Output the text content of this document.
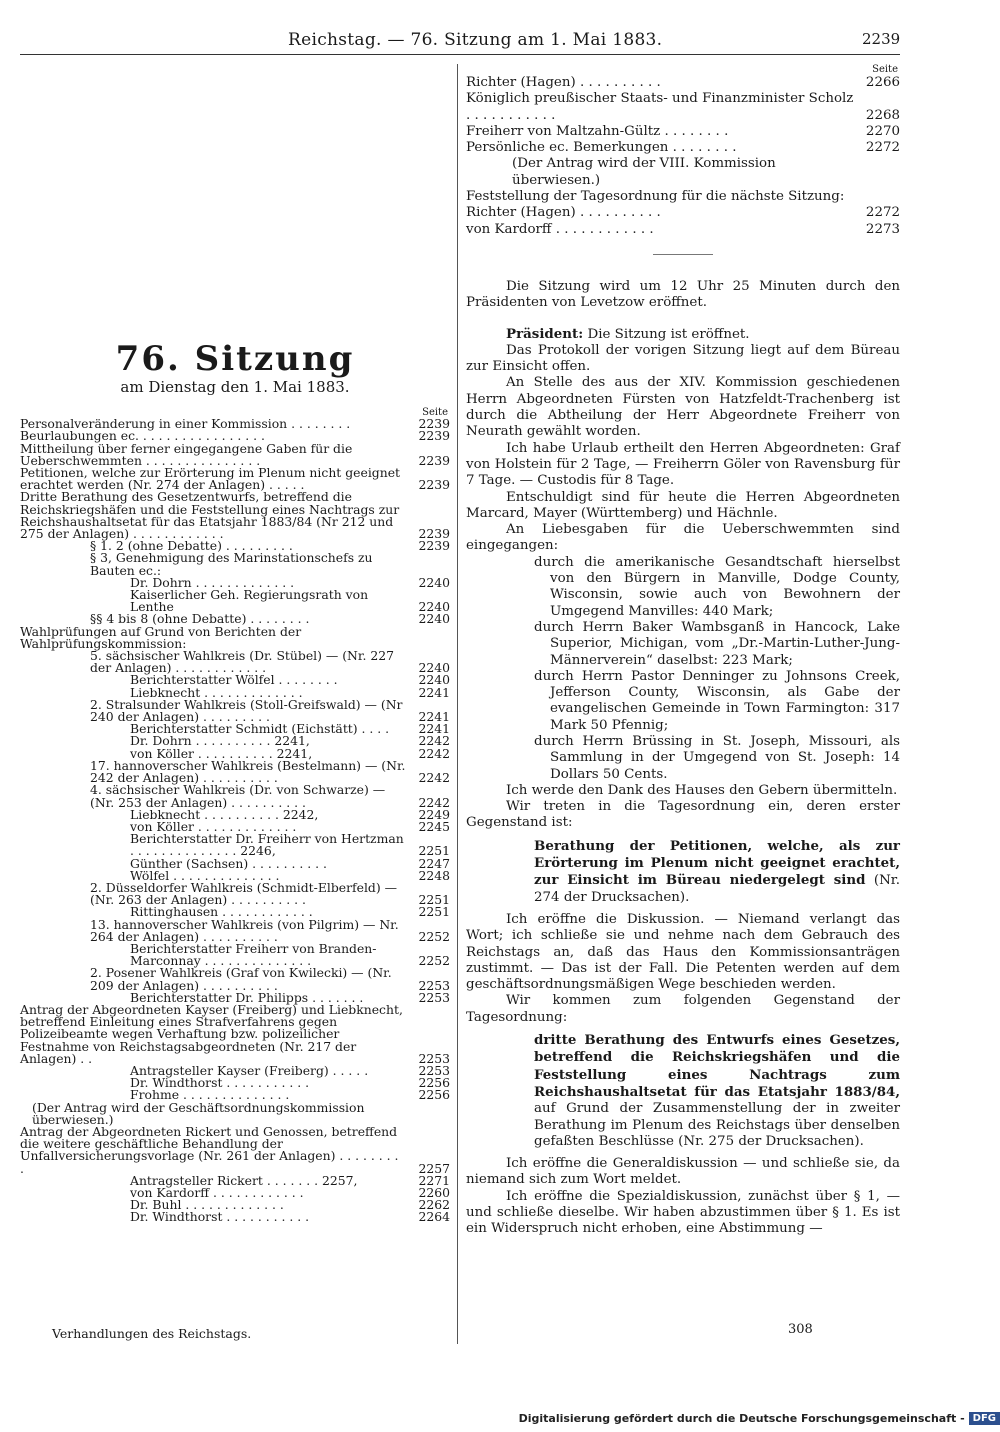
Reichstag. — 76. Sitzung am 1. Mai 1883.	2239
76. Sitzung
am Dienstag den 1. Mai 1883.
Seite
Personalveränderung in einer Kommission . . . . . . . .	2239
Beurlaubungen ec. . . . . . . . . . . . . . . . .	2239
Mittheilung über ferner eingegangene Gaben für die Ueberschwemmten . . . . . . . . . . . . . . .	2239
Petitionen, welche zur Erörterung im Plenum nicht geeignet erachtet werden (Nr. 274 der Anlagen) . . . . .	2239
Dritte Berathung des Gesetzentwurfs, betreffend die Reichskriegshäfen und die Feststellung eines Nachtrags zur Reichshaushaltsetat für das Etatsjahr 1883/84 (Nr 212 und 275 der Anlagen) . . . . . . . . . . . .	2239
§ 1. 2 (ohne Debatte) . . . . . . . . .	2239
§ 3, Genehmigung des Marinstationschefs zu Bauten ec.:
Dr. Dohrn . . . . . . . . . . . . .	2240
Kaiserlicher Geh. Regierungsrath von Lenthe	2240
§§ 4 bis 8 (ohne Debatte) . . . . . . . .	2240
Wahlprüfungen auf Grund von Berichten der Wahlprüfungskommission:
5. sächsischer Wahlkreis (Dr. Stübel) — (Nr. 227 der Anlagen) . . . . . . . . . . . .	2240
Berichterstatter Wölfel . . . . . . . .	2240
Liebknecht . . . . . . . . . . . . .	2241
2. Stralsunder Wahlkreis (Stoll-Greifswald) — (Nr 240 der Anlagen) . . . . . . . . .	2241
Berichterstatter Schmidt (Eichstätt) . . . .	2241
Dr. Dohrn . . . . . . . . . . 2241,	2242
von Köller . . . . . . . . . . 2241,	2242
17. hannoverscher Wahlkreis (Bestelmann) — (Nr. 242 der Anlagen) . . . . . . . . . .	2242
4. sächsischer Wahlkreis (Dr. von Schwarze) — (Nr. 253 der Anlagen) . . . . . . . . . .	2242
Liebknecht . . . . . . . . . . 2242,	2249
von Köller . . . . . . . . . . . . .	2245
Berichterstatter Dr. Freiherr von Hertzman . . . . . . . . . . . . . . 2246,	2251
Günther (Sachsen) . . . . . . . . . .	2247
Wölfel . . . . . . . . . . . . . .	2248
2. Düsseldorfer Wahlkreis (Schmidt-Elberfeld) — (Nr. 263 der Anlagen) . . . . . . . . . .	2251
Rittinghausen . . . . . . . . . . . .	2251
13. hannoverscher Wahlkreis (von Pilgrim) — Nr. 264 der Anlagen) . . . . . . . . . .	2252
Berichterstatter Freiherr von Branden-Marconnay . . . . . . . . . . . . . .	2252
2. Posener Wahlkreis (Graf von Kwilecki) — (Nr. 209 der Anlagen) . . . . . . . . . .	2253
Berichterstatter Dr. Philipps . . . . . . .	2253
Antrag der Abgeordneten Kayser (Freiberg) und Liebknecht, betreffend Einleitung eines Strafverfahrens gegen Polizeibeamte wegen Verhaftung bzw. polizeilicher Festnahme von Reichstagsabgeordneten (Nr. 217 der Anlagen) . .	2253
Antragsteller Kayser (Freiberg) . . . . .	2253
Dr. Windthorst . . . . . . . . . . .	2256
Frohme . . . . . . . . . . . . . .	2256
(Der Antrag wird der Geschäftsordnungskommission überwiesen.)
Antrag der Abgeordneten Rickert und Genossen, betreffend die weitere geschäftliche Behandlung der Unfallversicherungsvorlage (Nr. 261 der Anlagen) . . . . . . . . .	2257
Antragsteller Rickert . . . . . . . 2257,	2271
von Kardorff . . . . . . . . . . . .	2260
Dr. Buhl . . . . . . . . . . . . .	2262
Dr. Windthorst . . . . . . . . . . .	2264
Seite
Richter (Hagen) . . . . . . . . . .	2266
Königlich preußischer Staats- und Finanzminister Scholz . . . . . . . . . . .	2268
Freiherr von Maltzahn-Gültz . . . . . . . .	2270
Persönliche ec. Bemerkungen . . . . . . . .	2272
(Der Antrag wird der VIII. Kommission überwiesen.)
Feststellung der Tagesordnung für die nächste Sitzung:
Richter (Hagen) . . . . . . . . . .	2272
von Kardorff . . . . . . . . . . . .	2273

Die Sitzung wird um 12 Uhr 25 Minuten durch den Präsidenten von Levetzow eröffnet.

Präsident: Die Sitzung ist eröffnet.

Das Protokoll der vorigen Sitzung liegt auf dem Büreau zur Einsicht offen.

An Stelle des aus der XIV. Kommission geschiedenen Herrn Abgeordneten Fürsten von Hatzfeldt-Trachenberg ist durch die Abtheilung der Herr Abgeordnete Freiherr von Neurath gewählt worden.

Ich habe Urlaub ertheilt den Herren Abgeordneten: Graf von Holstein für 2 Tage, — Freiherrn Göler von Ravensburg für 7 Tage. — Custodis für 8 Tage.

Entschuldigt sind für heute die Herren Abgeordneten Marcard, Mayer (Württemberg) und Hächnle.

An Liebesgaben für die Ueberschwemmten sind eingegangen:

durch die amerikanische Gesandtschaft hierselbst von den Bürgern in Manville, Dodge County, Wisconsin, sowie auch von Bewohnern der Umgegend Manvilles: 440 Mark;

durch Herrn Baker Wambsganß in Hancock, Lake Superior, Michigan, vom „Dr.-Martin-Luther-Jung-Männerverein“ daselbst: 223 Mark;

durch Herrn Pastor Denninger zu Johnsons Creek, Jefferson County, Wisconsin, als Gabe der evangelischen Gemeinde in Town Farmington: 317 Mark 50 Pfennig;

durch Herrn Brüssing in St. Joseph, Missouri, als Sammlung in der Umgegend von St. Joseph: 14 Dollars 50 Cents.

Ich werde den Dank des Hauses den Gebern übermitteln.

Wir treten in die Tagesordnung ein, deren erster Gegenstand ist:

Berathung der Petitionen, welche, als zur Erörterung im Plenum nicht geeignet erachtet, zur Einsicht im Büreau niedergelegt sind (Nr. 274 der Drucksachen).

Ich eröffne die Diskussion. — Niemand verlangt das Wort; ich schließe sie und nehme nach dem Gebrauch des Reichstags an, daß das Haus den Kommissionsanträgen zustimmt. — Das ist der Fall. Die Petenten werden auf dem geschäftsordnungsmäßigen Wege beschieden werden.

Wir kommen zum folgenden Gegenstand der Tagesordnung:

dritte Berathung des Entwurfs eines Gesetzes, betreffend die Reichskriegshäfen und die Feststellung eines Nachtrags zum Reichshaushaltsetat für das Etatsjahr 1883/84, auf Grund der Zusammenstellung der in zweiter Berathung im Plenum des Reichstags über denselben gefaßten Beschlüsse (Nr. 275 der Drucksachen).

Ich eröffne die Generaldiskussion — und schließe sie, da niemand sich zum Wort meldet.

Ich eröffne die Spezialdiskussion, zunächst über § 1, — und schließe dieselbe. Wir haben abzustimmen über § 1. Es ist ein Widerspruch nicht erhoben, eine Abstimmung —

Verhandlungen des Reichstags.	308
Digitalisierung gefördert durch die Deutsche Forschungsgemeinschaft - DFG
